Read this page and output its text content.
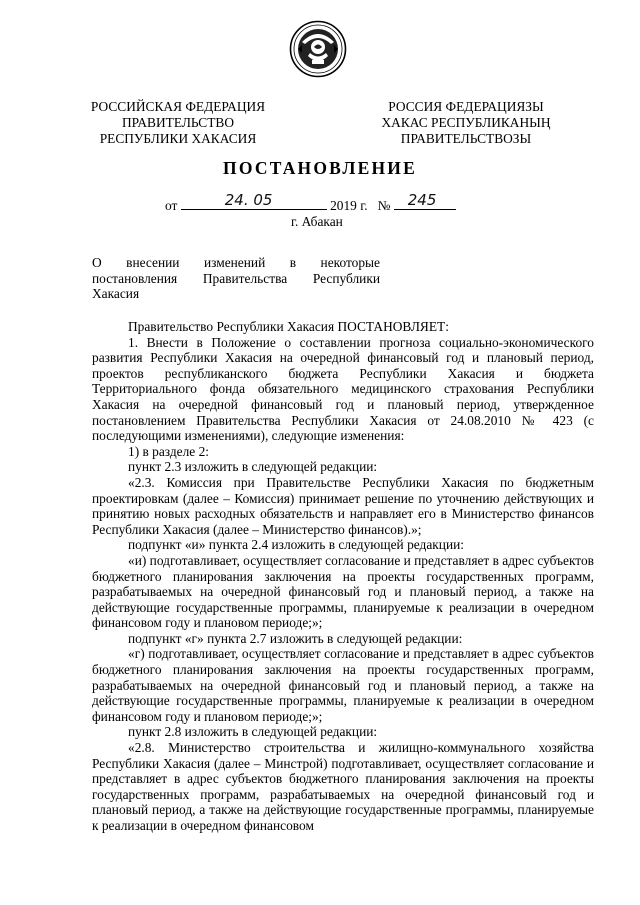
РОССИЙСКАЯ ФЕДЕРАЦИЯ
ПРАВИТЕЛЬСТВО
РЕСПУБЛИКИ ХАКАСИЯ
РОССИЯ ФЕДЕРАЦИЯЗЫ
ХАКАС РЕСПУБЛИКАНЫҢ
ПРАВИТЕЛЬСТВОЗЫ
ПОСТАНОВЛЕНИЕ
от	24. 05	2019 г. № 245
г. Абакан
О внесении изменений в некоторые
постановления Правительства Республики
Хакасия

Правительство Республики Хакасия ПОСТАНОВЛЯЕТ:

1. Внести в Положение о составлении прогноза социально-экономического развития Республики Хакасия на очередной финансовый год и плановый период, проектов республиканского бюджета Республики Хакасия и бюджета Территориального фонда обязательного медицинского страхования Республики Хакасия на очередной финансовый год и плановый период, утвержденное постановлением Правительства Республики Хакасия от 24.08.2010 № 423 (с последующими изменениями), следующие изменения:

1) в разделе 2:

пункт 2.3 изложить в следующей редакции:

«2.3. Комиссия при Правительстве Республики Хакасия по бюджетным проектировкам (далее – Комиссия) принимает решение по уточнению действующих и принятию новых расходных обязательств и направляет его в Министерство финансов Республики Хакасия (далее – Министерство финансов).»;

подпункт «и» пункта 2.4 изложить в следующей редакции:

«и) подготавливает, осуществляет согласование и представляет в адрес субъектов бюджетного планирования заключения на проекты государственных программ, разрабатываемых на очередной финансовый год и плановый период, а также на действующие государственные программы, планируемые к реализации в очередном финансовом году и плановом периоде;»;

подпункт «г» пункта 2.7 изложить в следующей редакции:

«г) подготавливает, осуществляет согласование и представляет в адрес субъектов бюджетного планирования заключения на проекты государственных программ, разрабатываемых на очередной финансовый год и плановый период, а также на действующие государственные программы, планируемые к реализации в очередном финансовом году и плановом периоде;»;

пункт 2.8 изложить в следующей редакции:

«2.8. Министерство строительства и жилищно-коммунального хозяйства Республики Хакасия (далее – Минстрой) подготавливает, осуществляет согласование и представляет в адрес субъектов бюджетного планирования заключения на проекты государственных программ, разрабатываемых на очередной финансовый год и плановый период, а также на действующие государственные программы, планируемые к реализации в очередном финансовом
